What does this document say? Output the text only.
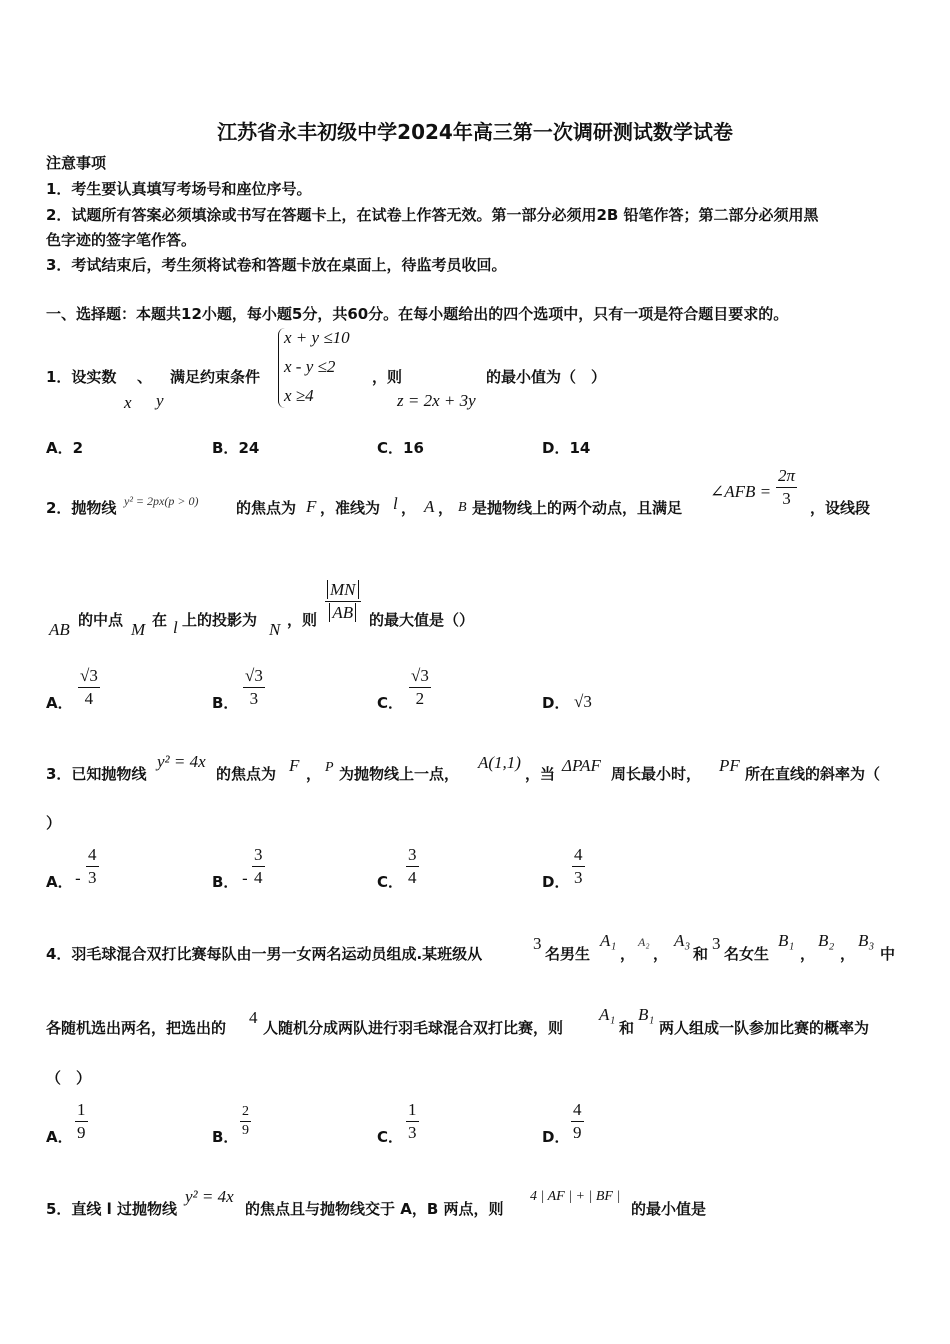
江苏省永丰初级中学2024年高三第一次调研测试数学试卷
注意事项
1．考生要认真填写考场号和座位序号。
2．试题所有答案必须填涂或书写在答题卡上，在试卷上作答无效。第一部分必须用2B 铅笔作答；第二部分必须用黑
色字迹的签字笔作答。
3．考试结束后，考生须将试卷和答题卡放在桌面上，待监考员收回。
一、选择题：本题共12小题，每小题5分，共60分。在每小题给出的四个选项中，只有一项是符合题目要求的。
1．设实数
x
、
y
满足约束条件
x + y ≤10
x - y ≤2
x ≥4
，则
z = 2x + 3y
的最小值为（　）
A．2	B．24	C．16	D．14
2．抛物线 y² = 2px(p > 0)	的焦点为 F ，准线为 l ， A ， B 是抛物线上的两个动点，且满足
∠AFB =
2π
3	，设线段
AB 的中点 M 在 l 上的投影为 N ，则
MN
AB	的最大值是（）
A．
√3
4	B．
√3
3	C．
√3
2	D． √3
3．已知抛物线
y² = 4x
的焦点为 F ， P 为抛物线上一点，
A(1,1)
，当 ΔPAF 周长最小时， PF 所在直线的斜率为（
）
A． -
4
3	B． -
3
4	C．
3
4	D．
4
3
4．羽毛球混合双打比赛每队由一男一女两名运动员组成.某班级从
3
名男生
A₁
，
A₂
，
A₃
和
3
名女生
B₁
，
B₂
，
B₃
中
各随机选出两名，把选出的
4
人随机分成两队进行羽毛球混合双打比赛，则
A₁
和
B₁
两人组成一队参加比赛的概率为
（　）
A．
1
9	B．
2
9	C．
1
3	D．
4
9
5．直线 l 过抛物线
y² = 4x
的焦点且与抛物线交于 A，B 两点，则
4 | AF | + | BF |
的最小值是
